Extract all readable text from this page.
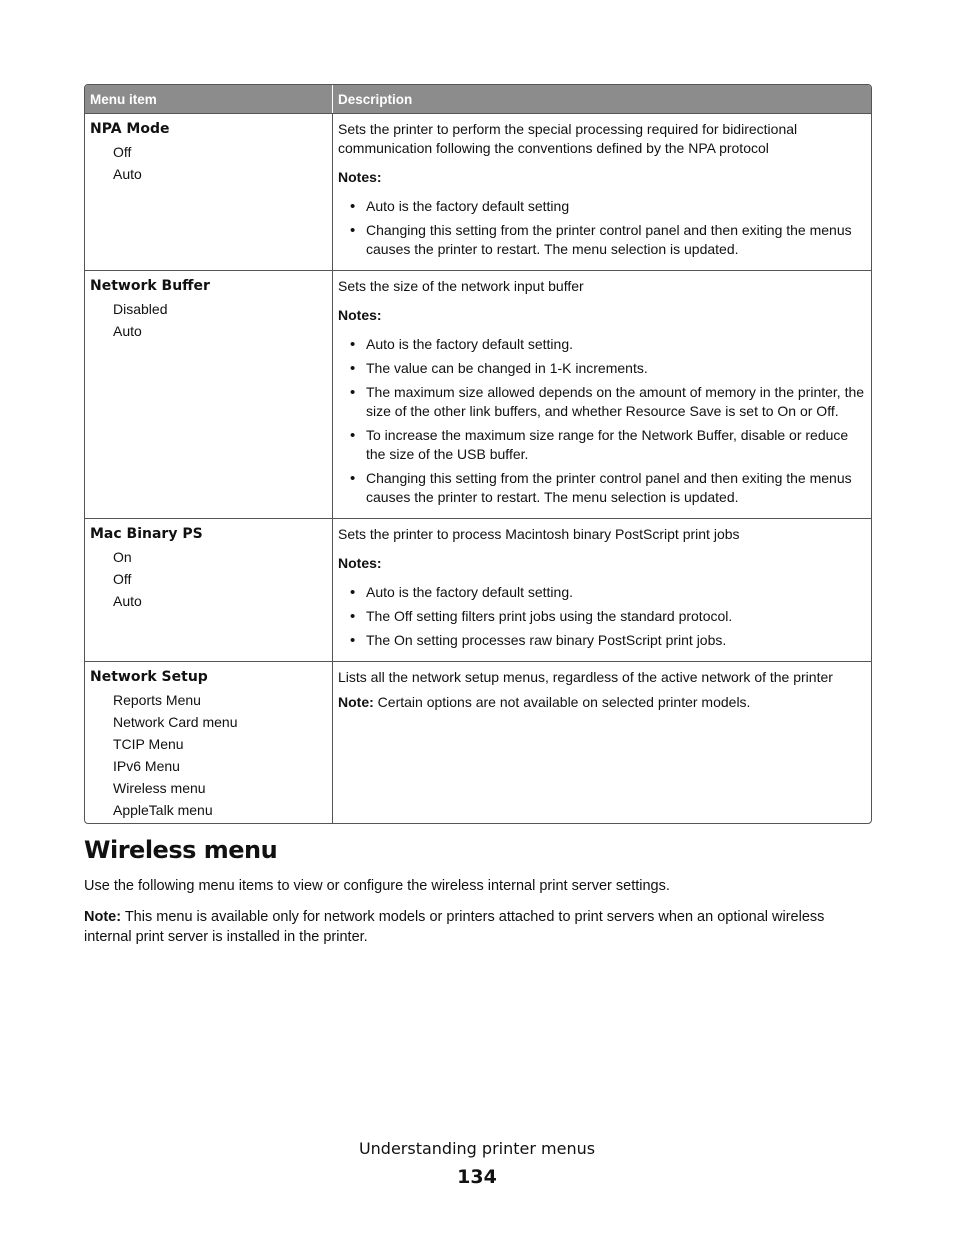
Menu item	Description
NPA Mode
Off
Auto

Sets the printer to perform the special processing required for bidirectional communication following the conventions defined by the NPA protocol

Notes:
• Auto is the factory default setting
• Changing this setting from the printer control panel and then exiting the menus causes the printer to restart. The menu selection is updated.
Network Buffer
Disabled
Auto

Sets the size of the network input buffer

Notes:
• Auto is the factory default setting.
• The value can be changed in 1-K increments.
• The maximum size allowed depends on the amount of memory in the printer, the size of the other link buffers, and whether Resource Save is set to On or Off.
• To increase the maximum size range for the Network Buffer, disable or reduce the size of the USB buffer.
• Changing this setting from the printer control panel and then exiting the menus causes the printer to restart. The menu selection is updated.
Mac Binary PS
On
Off
Auto

Sets the printer to process Macintosh binary PostScript print jobs

Notes:
• Auto is the factory default setting.
• The Off setting filters print jobs using the standard protocol.
• The On setting processes raw binary PostScript print jobs.
Network Setup
Reports Menu
Network Card menu
TCIP Menu
IPv6 Menu
Wireless menu
AppleTalk menu

Lists all the network setup menus, regardless of the active network of the printer

Note: Certain options are not available on selected printer models.
Wireless menu

Use the following menu items to view or configure the wireless internal print server settings.

Note: This menu is available only for network models or printers attached to print servers when an optional wireless internal print server is installed in the printer.

Understanding printer menus
134
